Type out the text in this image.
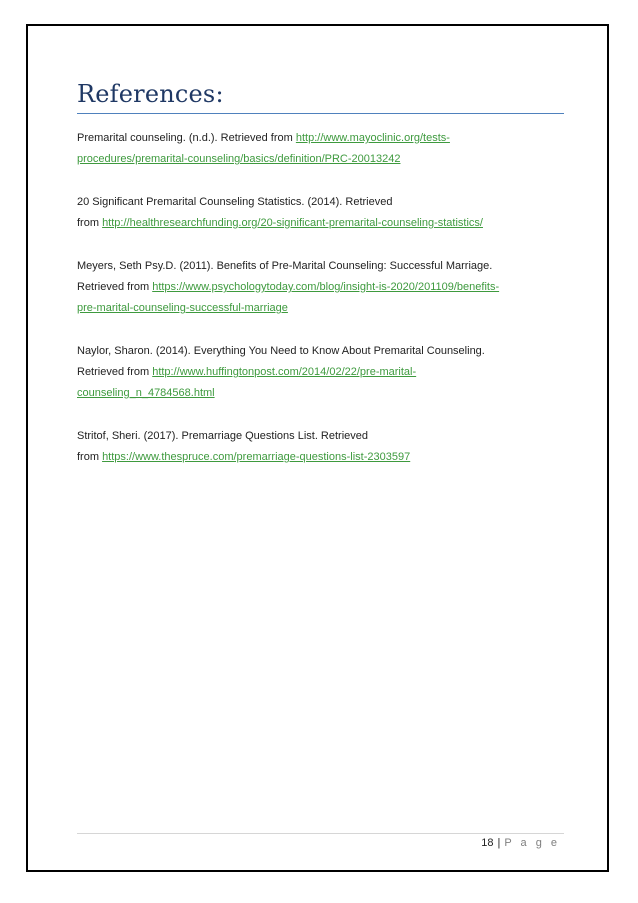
References:
Premarital counseling. (n.d.). Retrieved from http://www.mayoclinic.org/tests-
procedures/premarital-counseling/basics/definition/PRC-20013242
20 Significant Premarital Counseling Statistics. (2014). Retrieved
from http://healthresearchfunding.org/20-significant-premarital-counseling-statistics/
Meyers, Seth Psy.D. (2011). Benefits of Pre-Marital Counseling: Successful Marriage.
Retrieved from https://www.psychologytoday.com/blog/insight-is-2020/201109/benefits-
pre-marital-counseling-successful-marriage
Naylor, Sharon. (2014). Everything You Need to Know About Premarital Counseling.
Retrieved from http://www.huffingtonpost.com/2014/02/22/pre-marital-
counseling_n_4784568.html
Stritof, Sheri. (2017). Premarriage Questions List. Retrieved
from https://www.thespruce.com/premarriage-questions-list-2303597
18 | P a g e
